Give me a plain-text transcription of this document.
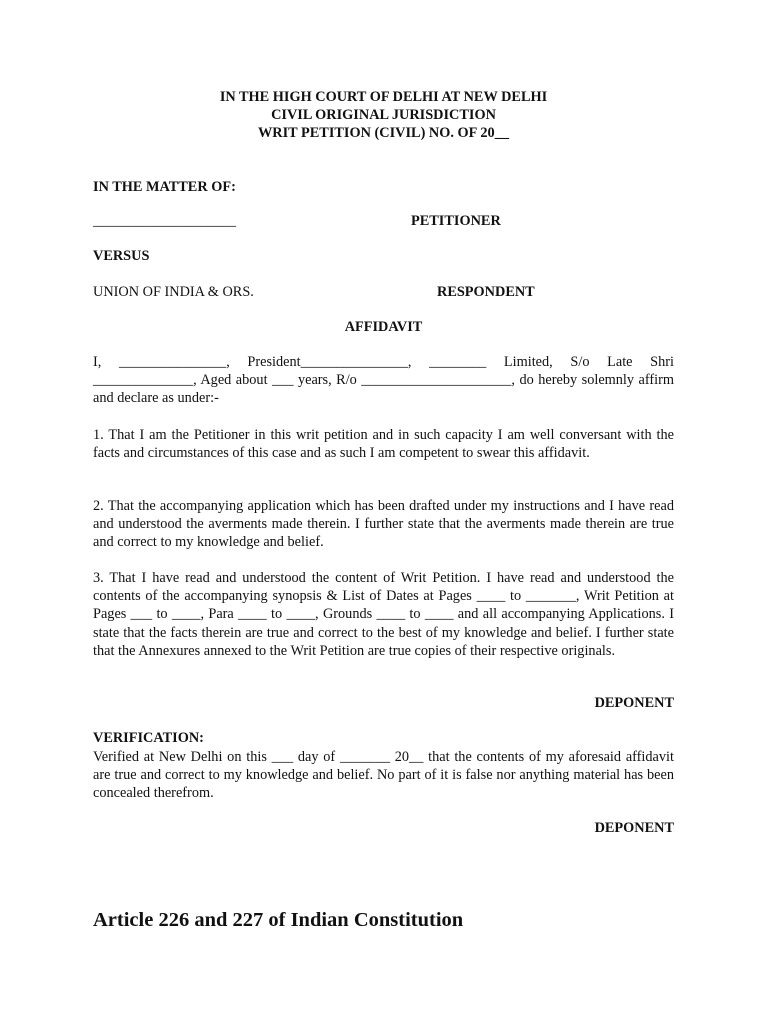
IN THE HIGH COURT OF DELHI AT NEW DELHI
CIVIL ORIGINAL JURISDICTION
WRIT PETITION (CIVIL) NO. OF 20__
IN THE MATTER OF:
____________________	PETITIONER
VERSUS
UNION OF INDIA & ORS.	RESPONDENT
AFFIDAVIT
I, _______________, President_______________, ________ Limited, S/o Late Shri ______________, Aged about ___ years, R/o _____________________, do hereby solemnly affirm and declare as under:-
1. That I am the Petitioner in this writ petition and in such capacity I am well conversant with the facts and circumstances of this case and as such I am competent to swear this affidavit.
2. That the accompanying application which has been drafted under my instructions and I have read and understood the averments made therein. I further state that the averments made therein are true and correct to my knowledge and belief.
3. That I have read and understood the content of Writ Petition. I have read and understood the contents of the accompanying synopsis & List of Dates at Pages ____ to _______, Writ Petition at Pages ___ to ____, Para ____ to ____, Grounds ____ to ____ and all accompanying Applications. I state that the facts therein are true and correct to the best of my knowledge and belief. I further state that the Annexures annexed to the Writ Petition are true copies of their respective originals.
DEPONENT
VERIFICATION:
Verified at New Delhi on this ___ day of _______ 20__ that the contents of my aforesaid affidavit are true and correct to my knowledge and belief. No part of it is false nor anything material has been concealed therefrom.
DEPONENT
Article 226 and 227 of Indian Constitution
